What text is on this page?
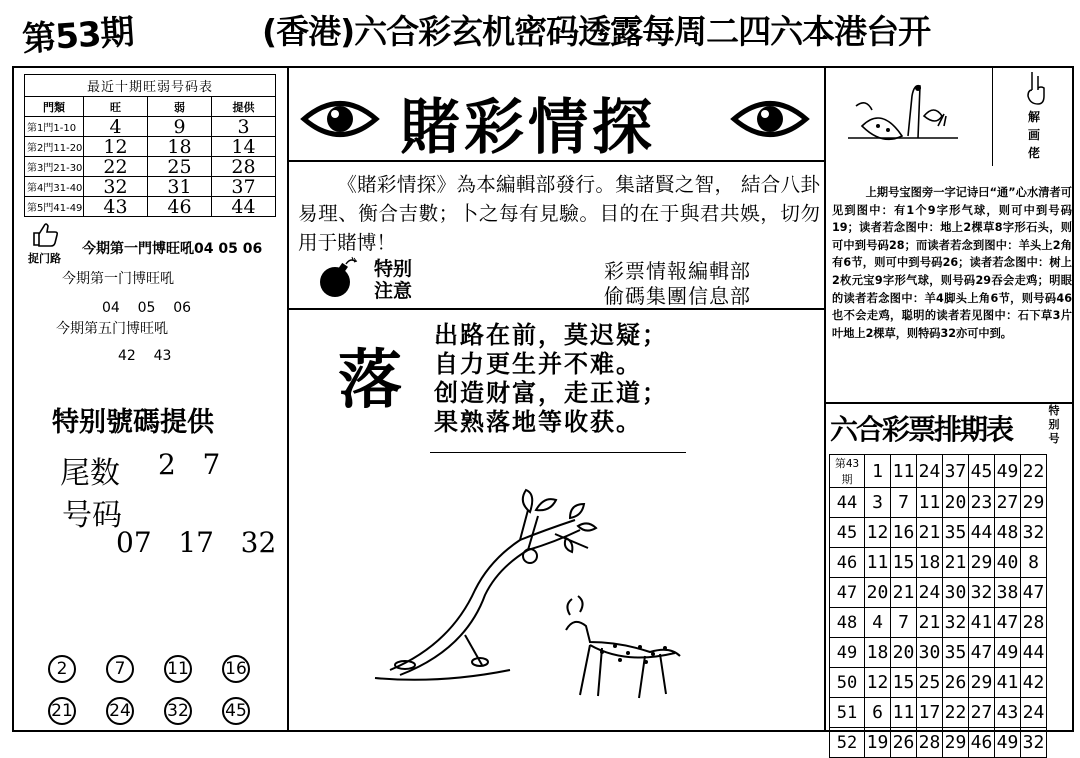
第53期	(香港)六合彩玄机密码透露每周二四六本港台开
最近十期旺弱号码表
門類	旺	弱	提供
第1門1-10	4	9	3
第2門11-20	12	18	14
第3門21-30	22	25	28
第4門31-40	32	31	37
第5門41-49	43	46	44
捉门路
今期第一門博旺吼04 05 06
今期第一门博旺吼
04    05    06
今期第五门博旺吼
42    43
特别號碼提供
尾数 2   7
号码
07   17   32
2	7	11 16
21 24 32 45
賭彩情探
《賭彩情探》為本編輯部發行。集諸賢之智， 結合八卦易理、衡合吉數；卜之每有見驗。目的在于與君共娛，切勿用于賭博！
特别
注意
彩票情報編輯部
偷碼集團信息部
落
出路在前，莫迟疑；
自力更生并不难。
创造财富，走正道；
果熟落地等收获。
解画佬
上期号宝图旁一字记诗曰“通”心水清者可见到图中：有1个9字形气球，则可中到号码19；读者若念图中：地上2棵草8字形石头，则可中到号码28；而读者若念到图中：羊头上2角有6节，则可中到号码26；读者若念图中：树上2枚元宝9字形气球，则号码29吞会走鸡；明眼的读者若念图中：羊4脚头上角6节，则号码46也不会走鸡，聪明的读者若见图中：石下草3片叶地上2棵草，则特码32亦可中到。
六合彩票排期表
特别号
第43期	1	11	24	37	45	49	22
44	3	7	11	20	23	27	29
45	12	16	21	35	44	48	32
46	11	15	18	21	29	40	8
47	20	21	24	30	32	38	47
48	4	7	21	32	41	47	28
49	18	20	30	35	47	49	44
50	12	15	25	26	29	41	42
51	6	11	17	22	27	43	24
52	19	26	28	29	46	49	32
